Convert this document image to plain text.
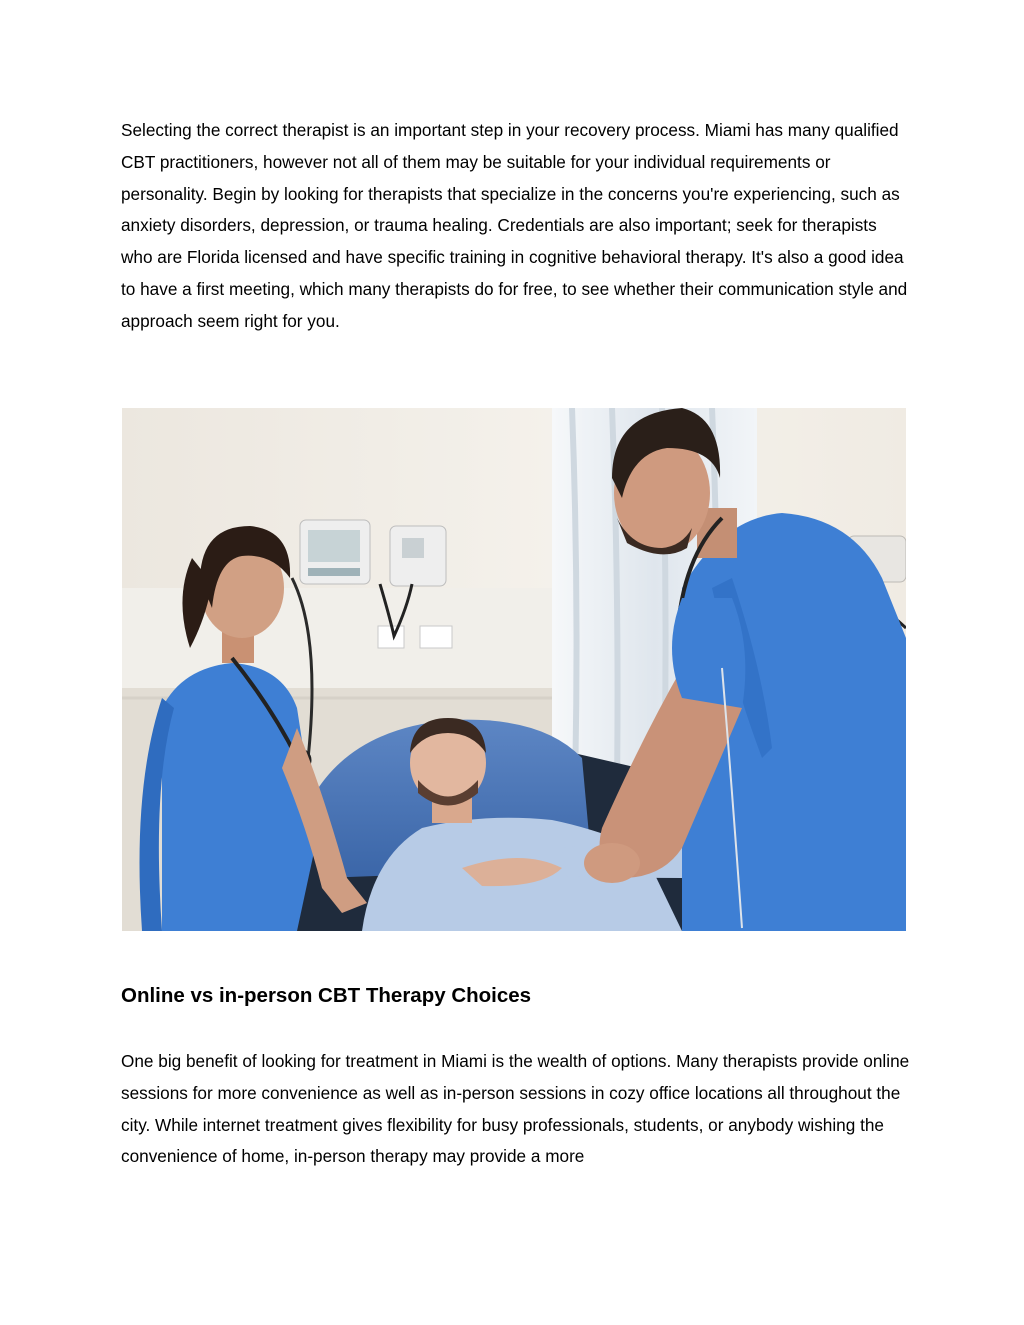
Selecting the correct therapist is an important step in your recovery process. Miami has many qualified CBT practitioners, however not all of them may be suitable for your individual requirements or personality. Begin by looking for therapists that specialize in the concerns you're experiencing, such as anxiety disorders, depression, or trauma healing. Credentials are also important; seek for therapists who are Florida licensed and have specific training in cognitive behavioral therapy. It's also a good idea to have a first meeting, which many therapists do for free, to see whether their communication style and approach seem right for you.

Online vs in-person CBT Therapy Choices

One big benefit of looking for treatment in Miami is the wealth of options. Many therapists provide online sessions for more convenience as well as in-person sessions in cozy office locations all throughout the city. While internet treatment gives flexibility for busy professionals, students, or anybody wishing the convenience of home, in-person therapy may provide a more
